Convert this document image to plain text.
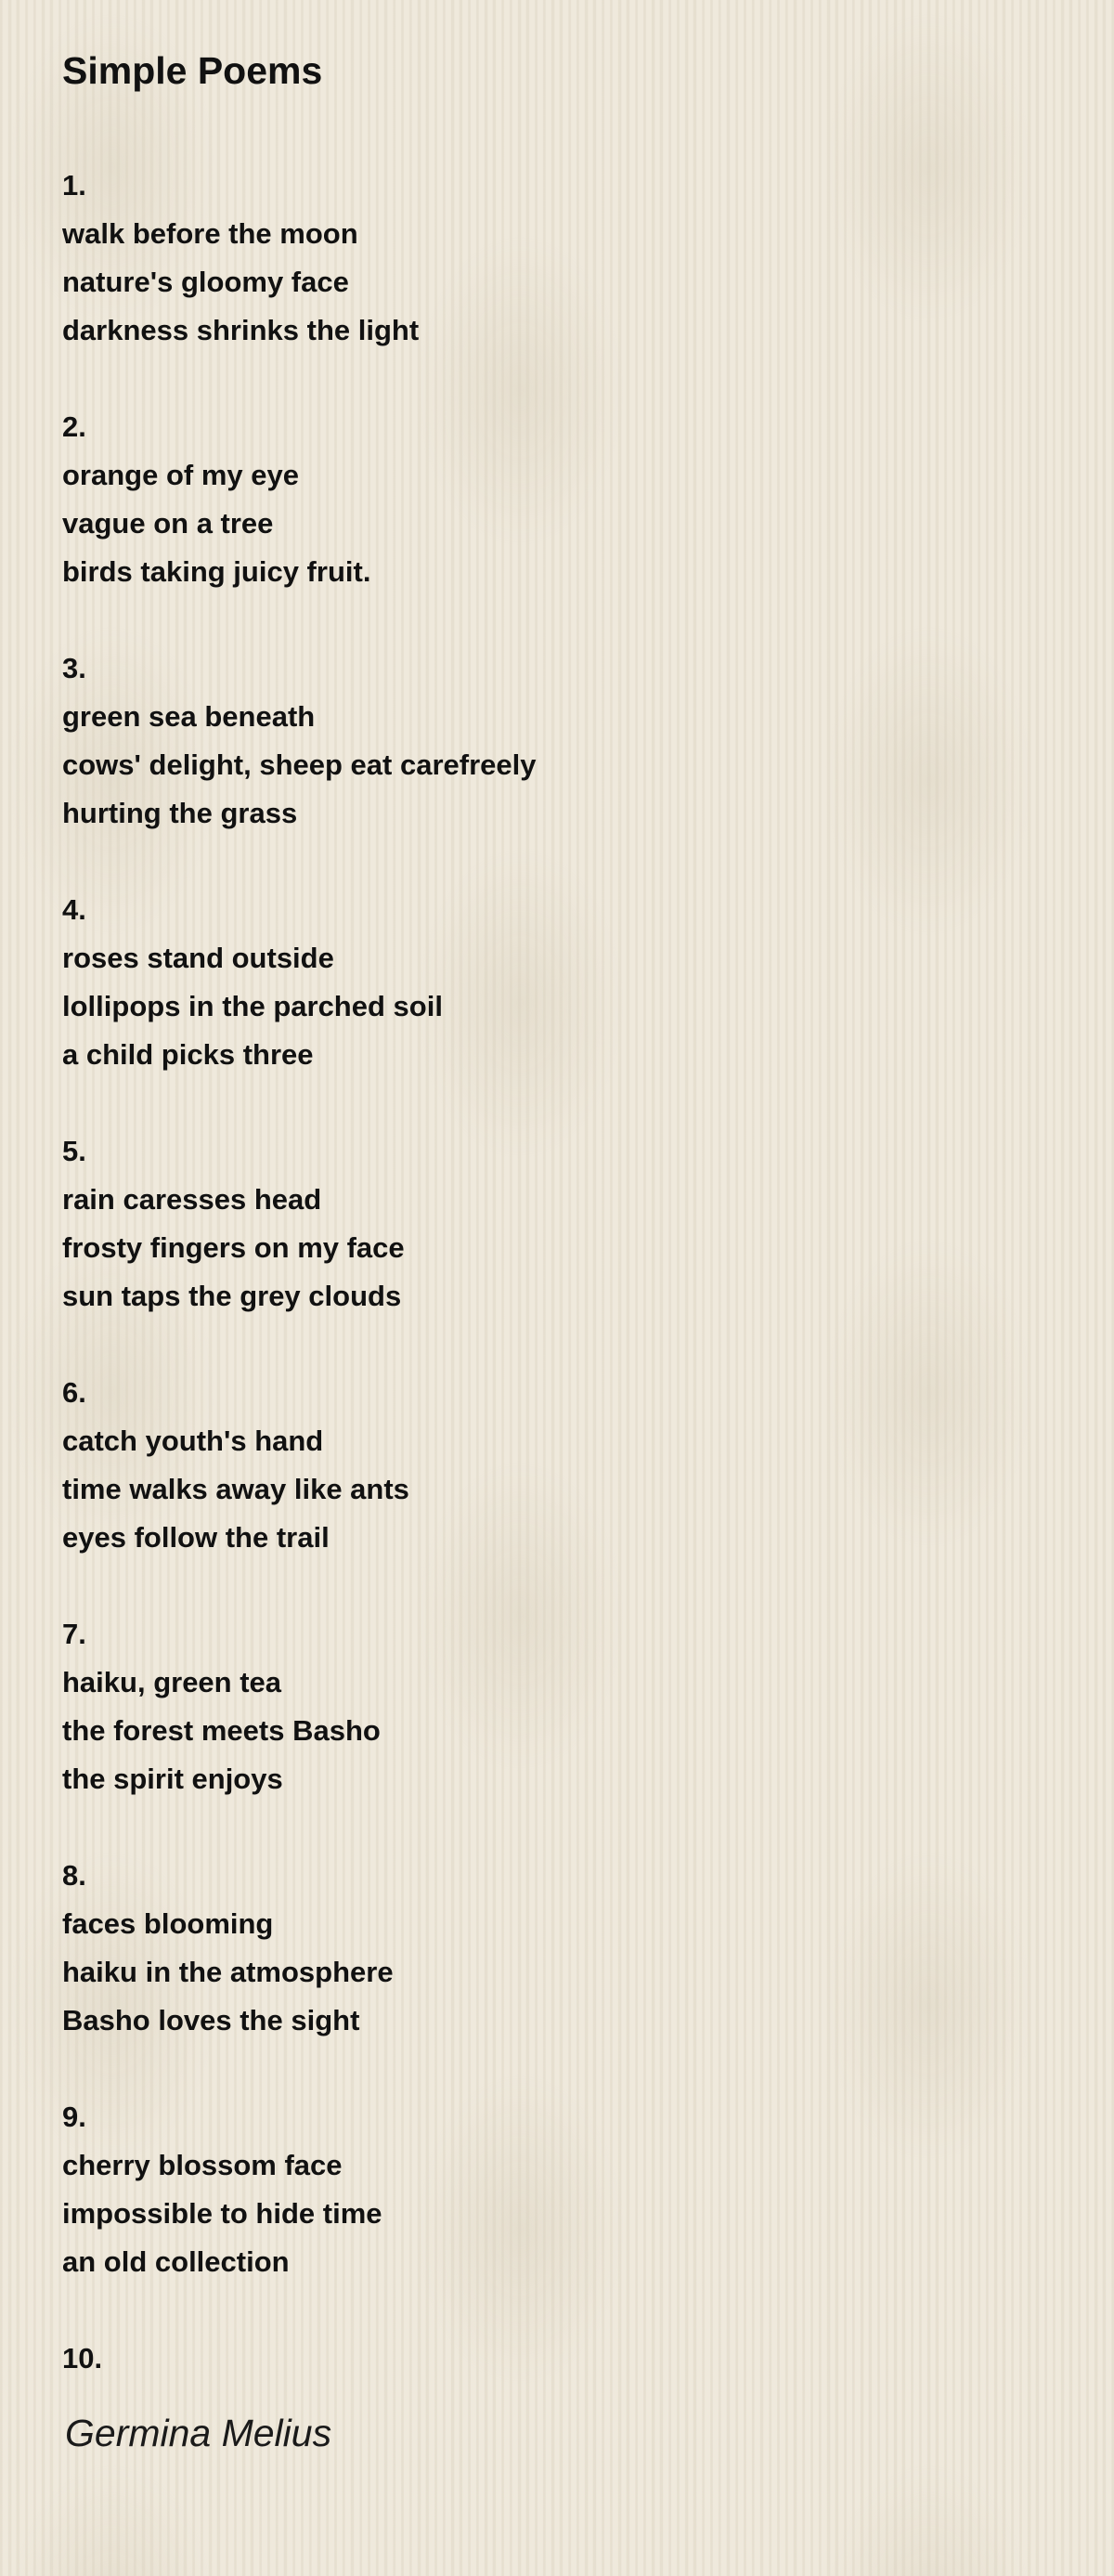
Simple Poems
1.
walk before the moon
nature's gloomy face
darkness shrinks the light
2.
orange of my eye
vague on a tree
birds taking juicy fruit.
3.
green sea beneath
cows' delight, sheep eat carefreely
hurting the grass
4.
roses stand outside
lollipops in the parched soil
a child picks three
5.
rain caresses head
frosty fingers on my face
sun taps the grey clouds
6.
catch youth's hand
time walks away like ants
eyes follow the trail
7.
haiku, green tea
the forest meets Basho
the spirit enjoys
8.
faces blooming
haiku in the atmosphere
Basho loves the sight
9.
cherry blossom face
impossible to hide time
an old collection
10.
Germina Melius
